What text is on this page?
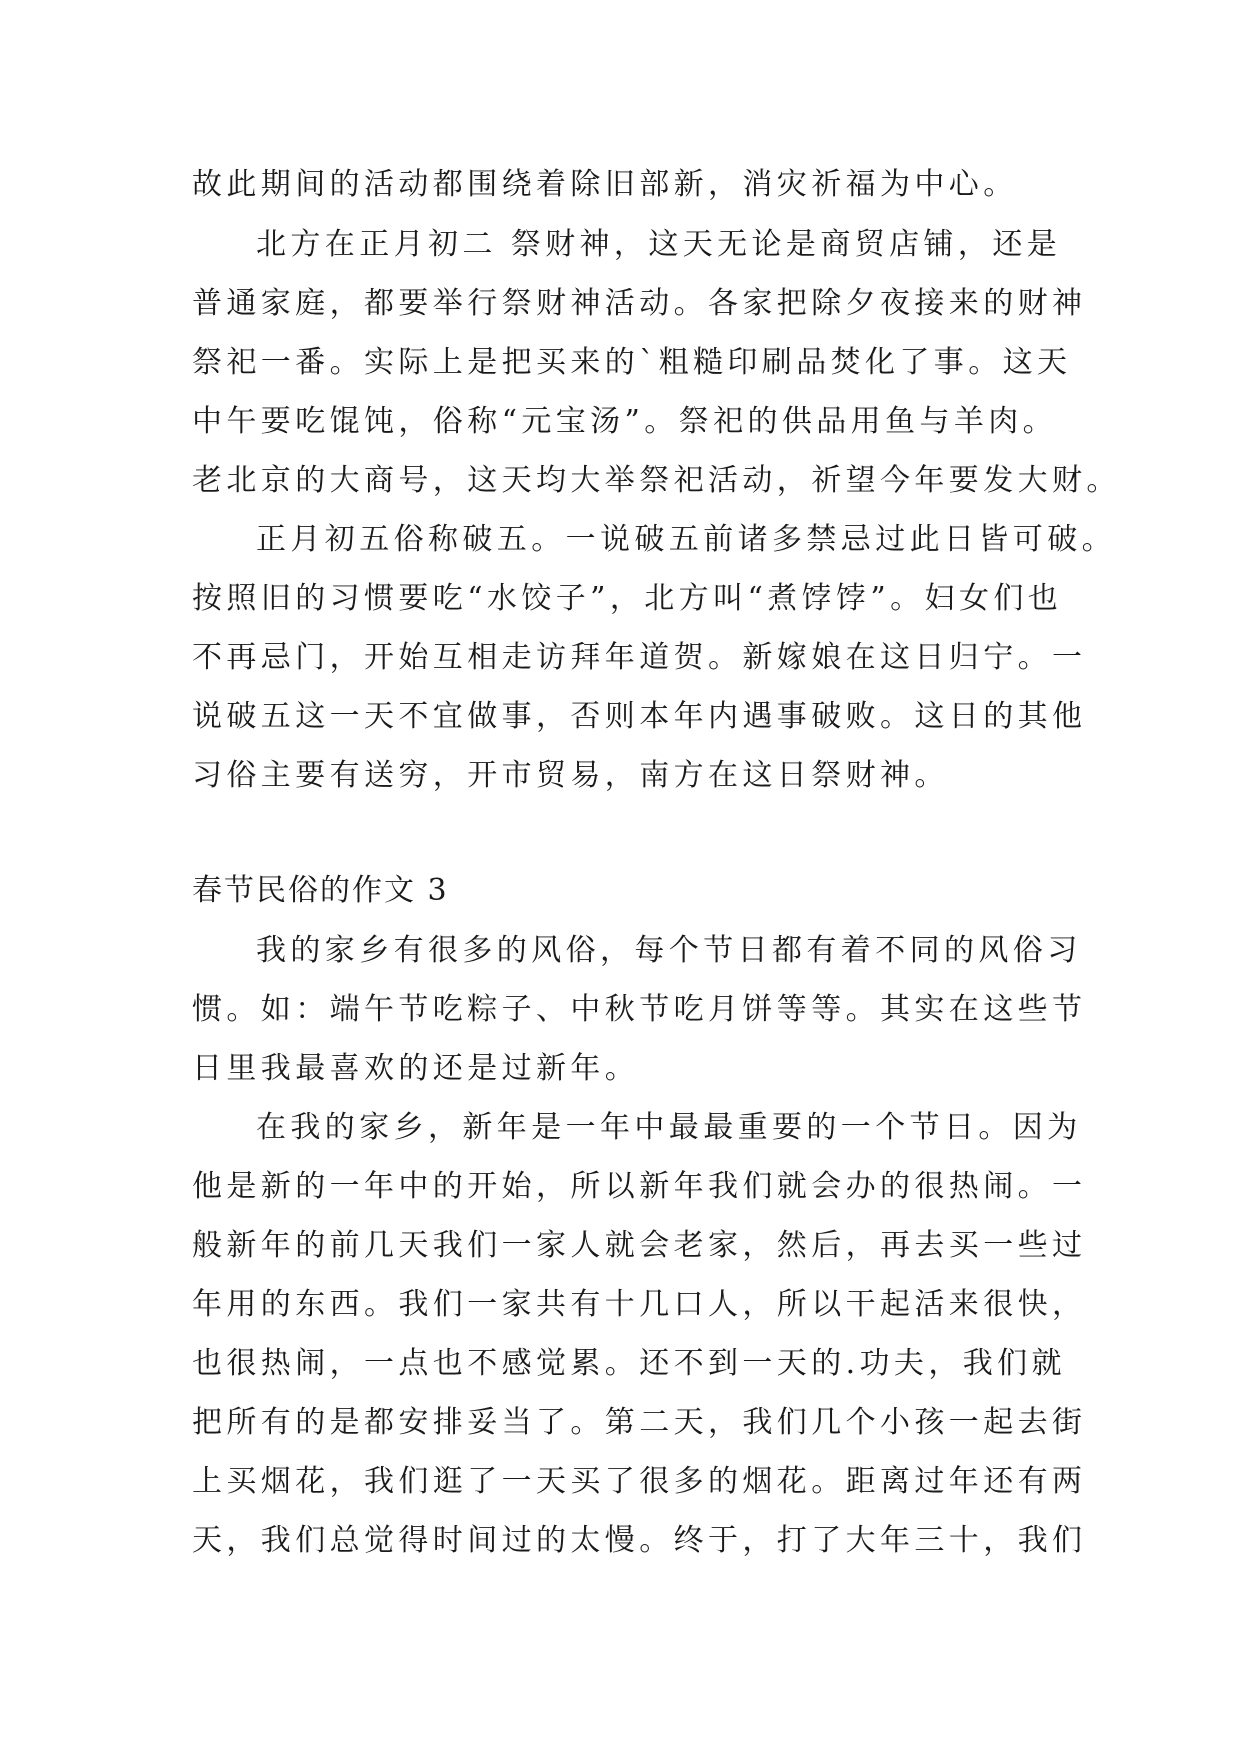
故此期间的活动都围绕着除旧部新，消灾祈福为中心。
北方在正月初二 祭财神，这天无论是商贸店铺，还是
普通家庭，都要举行祭财神活动。各家把除夕夜接来的财神
祭祀一番。实际上是把买来的`粗糙印刷品焚化了事。这天
中午要吃馄饨，俗称“元宝汤”。祭祀的供品用鱼与羊肉。
老北京的大商号，这天均大举祭祀活动，祈望今年要发大财。
正月初五俗称破五。一说破五前诸多禁忌过此日皆可破。
按照旧的习惯要吃“水饺子”，北方叫“煮饽饽”。妇女们也
不再忌门，开始互相走访拜年道贺。新嫁娘在这日归宁。一
说破五这一天不宜做事，否则本年内遇事破败。这日的其他
习俗主要有送穷，开市贸易，南方在这日祭财神。
春节民俗的作文 3
我的家乡有很多的风俗，每个节日都有着不同的风俗习
惯。如：端午节吃粽子、中秋节吃月饼等等。其实在这些节
日里我最喜欢的还是过新年。
在我的家乡，新年是一年中最最重要的一个节日。因为
他是新的一年中的开始，所以新年我们就会办的很热闹。一
般新年的前几天我们一家人就会老家，然后，再去买一些过
年用的东西。我们一家共有十几口人，所以干起活来很快，
也很热闹，一点也不感觉累。还不到一天的.功夫，我们就
把所有的是都安排妥当了。第二天，我们几个小孩一起去街
上买烟花，我们逛了一天买了很多的烟花。距离过年还有两
天，我们总觉得时间过的太慢。终于，打了大年三十，我们
